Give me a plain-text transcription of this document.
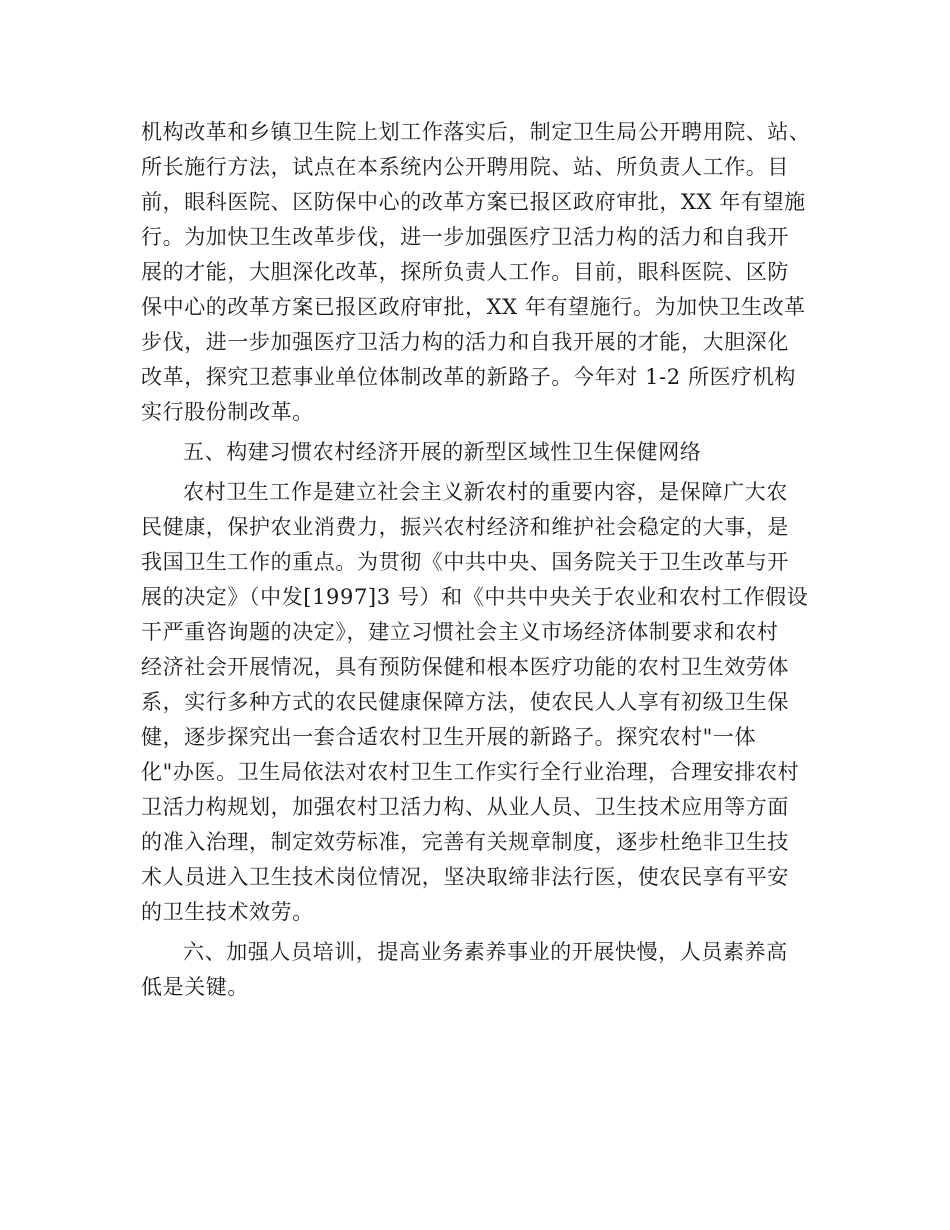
机构改革和乡镇卫生院上划工作落实后，制定卫生局公开聘用院、站、
所长施行方法，试点在本系统内公开聘用院、站、所负责人工作。目
前，眼科医院、区防保中心的改革方案已报区政府审批，XX 年有望施
行。为加快卫生改革步伐，进一步加强医疗卫活力构的活力和自我开
展的才能，大胆深化改革，探所负责人工作。目前，眼科医院、区防
保中心的改革方案已报区政府审批，XX 年有望施行。为加快卫生改革
步伐，进一步加强医疗卫活力构的活力和自我开展的才能，大胆深化
改革，探究卫惹事业单位体制改革的新路子。今年对 1-2 所医疗机构
实行股份制改革。
五、构建习惯农村经济开展的新型区域性卫生保健网络
农村卫生工作是建立社会主义新农村的重要内容，是保障广大农
民健康，保护农业消费力，振兴农村经济和维护社会稳定的大事，是
我国卫生工作的重点。为贯彻《中共中央、国务院关于卫生改革与开
展的决定》（中发[1997]3 号）和《中共中央关于农业和农村工作假设
干严重咨询题的决定》，建立习惯社会主义市场经济体制要求和农村
经济社会开展情况，具有预防保健和根本医疗功能的农村卫生效劳体
系，实行多种方式的农民健康保障方法，使农民人人享有初级卫生保
健，逐步探究出一套合适农村卫生开展的新路子。探究农村"一体
化"办医。卫生局依法对农村卫生工作实行全行业治理，合理安排农村
卫活力构规划，加强农村卫活力构、从业人员、卫生技术应用等方面
的准入治理，制定效劳标准，完善有关规章制度，逐步杜绝非卫生技
术人员进入卫生技术岗位情况，坚决取缔非法行医，使农民享有平安
的卫生技术效劳。
六、加强人员培训，提高业务素养事业的开展快慢，人员素养高
低是关键。
